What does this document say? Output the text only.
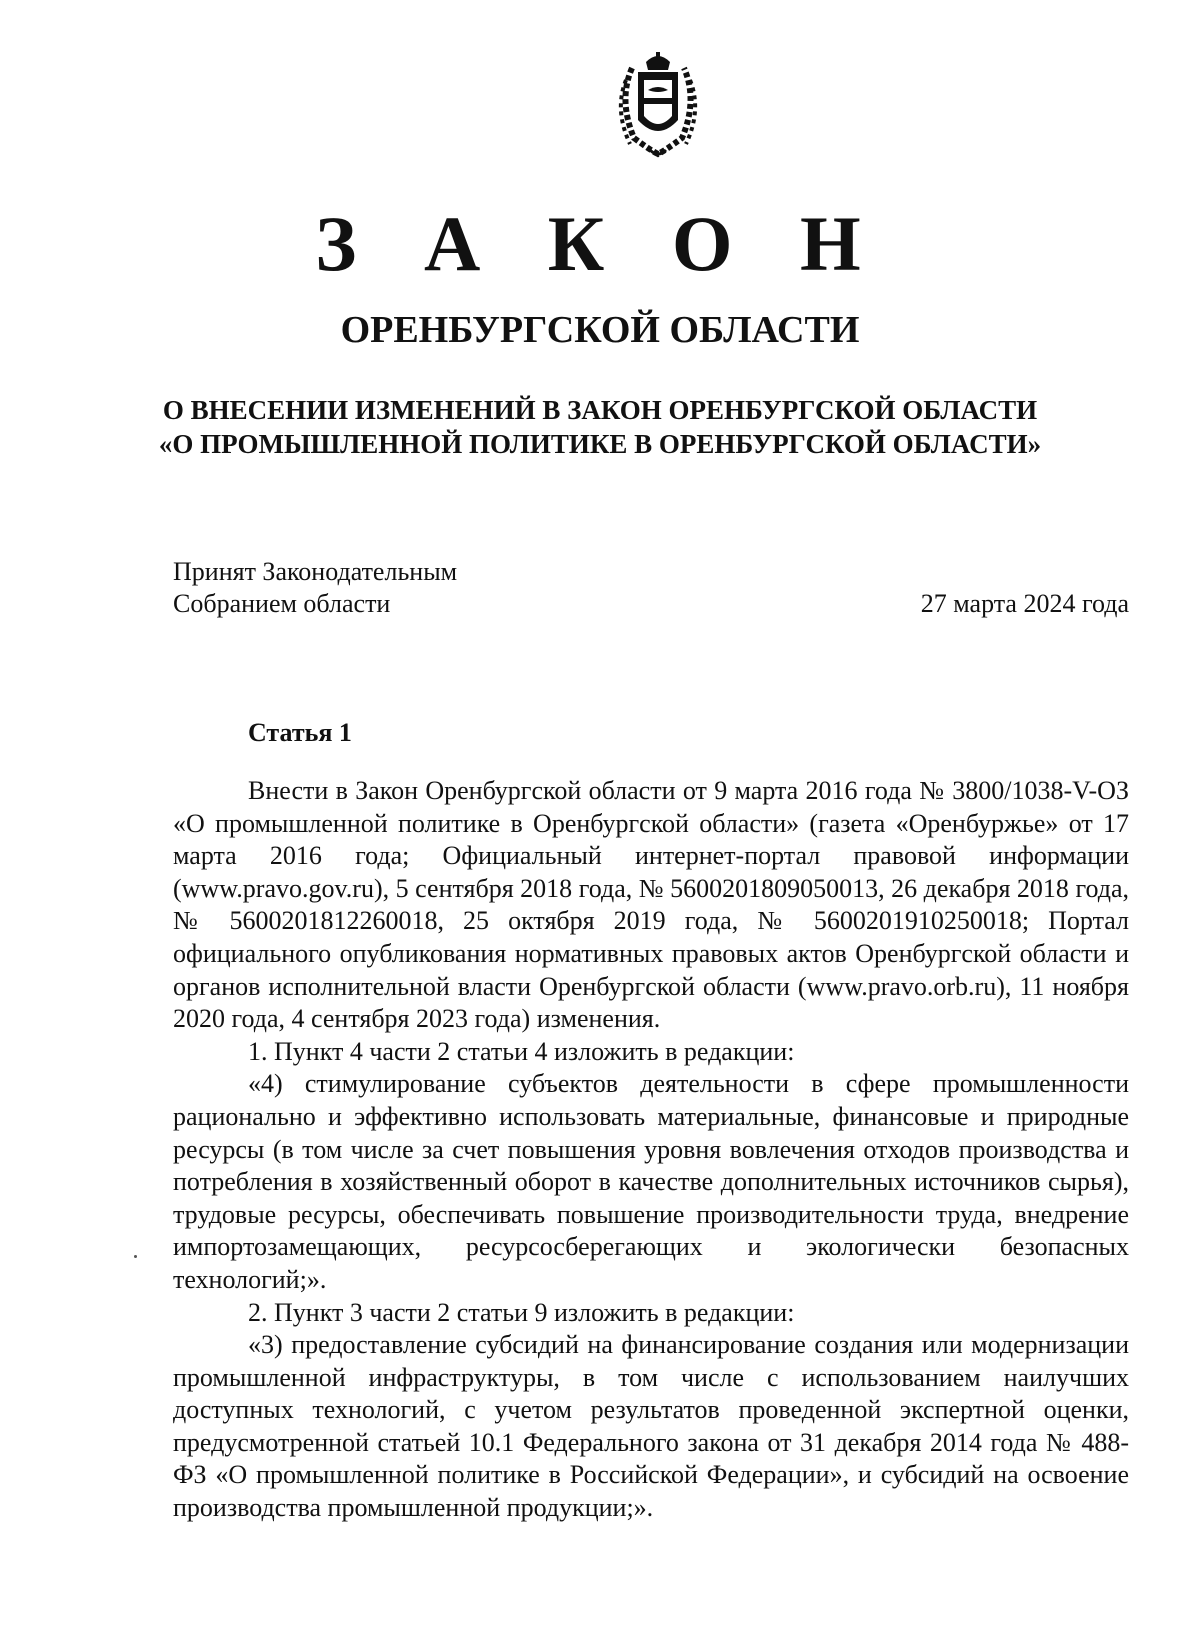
З А К О Н
ОРЕНБУРГСКОЙ ОБЛАСТИ
О ВНЕСЕНИИ ИЗМЕНЕНИЙ В ЗАКОН ОРЕНБУРГСКОЙ ОБЛАСТИ
«О ПРОМЫШЛЕННОЙ ПОЛИТИКЕ В ОРЕНБУРГСКОЙ ОБЛАСТИ»
Принят Законодательным
Собранием области	27 марта 2024 года
Статья 1

Внести в Закон Оренбургской области от 9 марта 2016 года № 3800/1038-V-ОЗ «О промышленной политике в Оренбургской области» (газета «Оренбуржье» от 17 марта 2016 года; Официальный интернет-портал правовой информации (www.pravo.gov.ru), 5 сентября 2018 года, № 5600201809050013, 26 декабря 2018 года, № 5600201812260018, 25 октября 2019 года, № 5600201910250018; Портал официального опубликования нормативных правовых актов Оренбургской области и органов исполнительной власти Оренбургской области (www.pravo.orb.ru), 11 ноября 2020 года, 4 сентября 2023 года) изменения.

1. Пункт 4 части 2 статьи 4 изложить в редакции:

«4) стимулирование субъектов деятельности в сфере промышленности рационально и эффективно использовать материальные, финансовые и природные ресурсы (в том числе за счет повышения уровня вовлечения отходов производства и потребления в хозяйственный оборот в качестве дополнительных источников сырья), трудовые ресурсы, обеспечивать повышение производительности труда, внедрение импортозамещающих, ресурсосберегающих и экологически безопасных технологий;».

2. Пункт 3 части 2 статьи 9 изложить в редакции:

«3) предоставление субсидий на финансирование создания или модернизации промышленной инфраструктуры, в том числе с использованием наилучших доступных технологий, с учетом результатов проведенной экспертной оценки, предусмотренной статьей 10.1 Федерального закона от 31 декабря 2014 года № 488-ФЗ «О промышленной политике в Российской Федерации», и субсидий на освоение производства промышленной продукции;».
